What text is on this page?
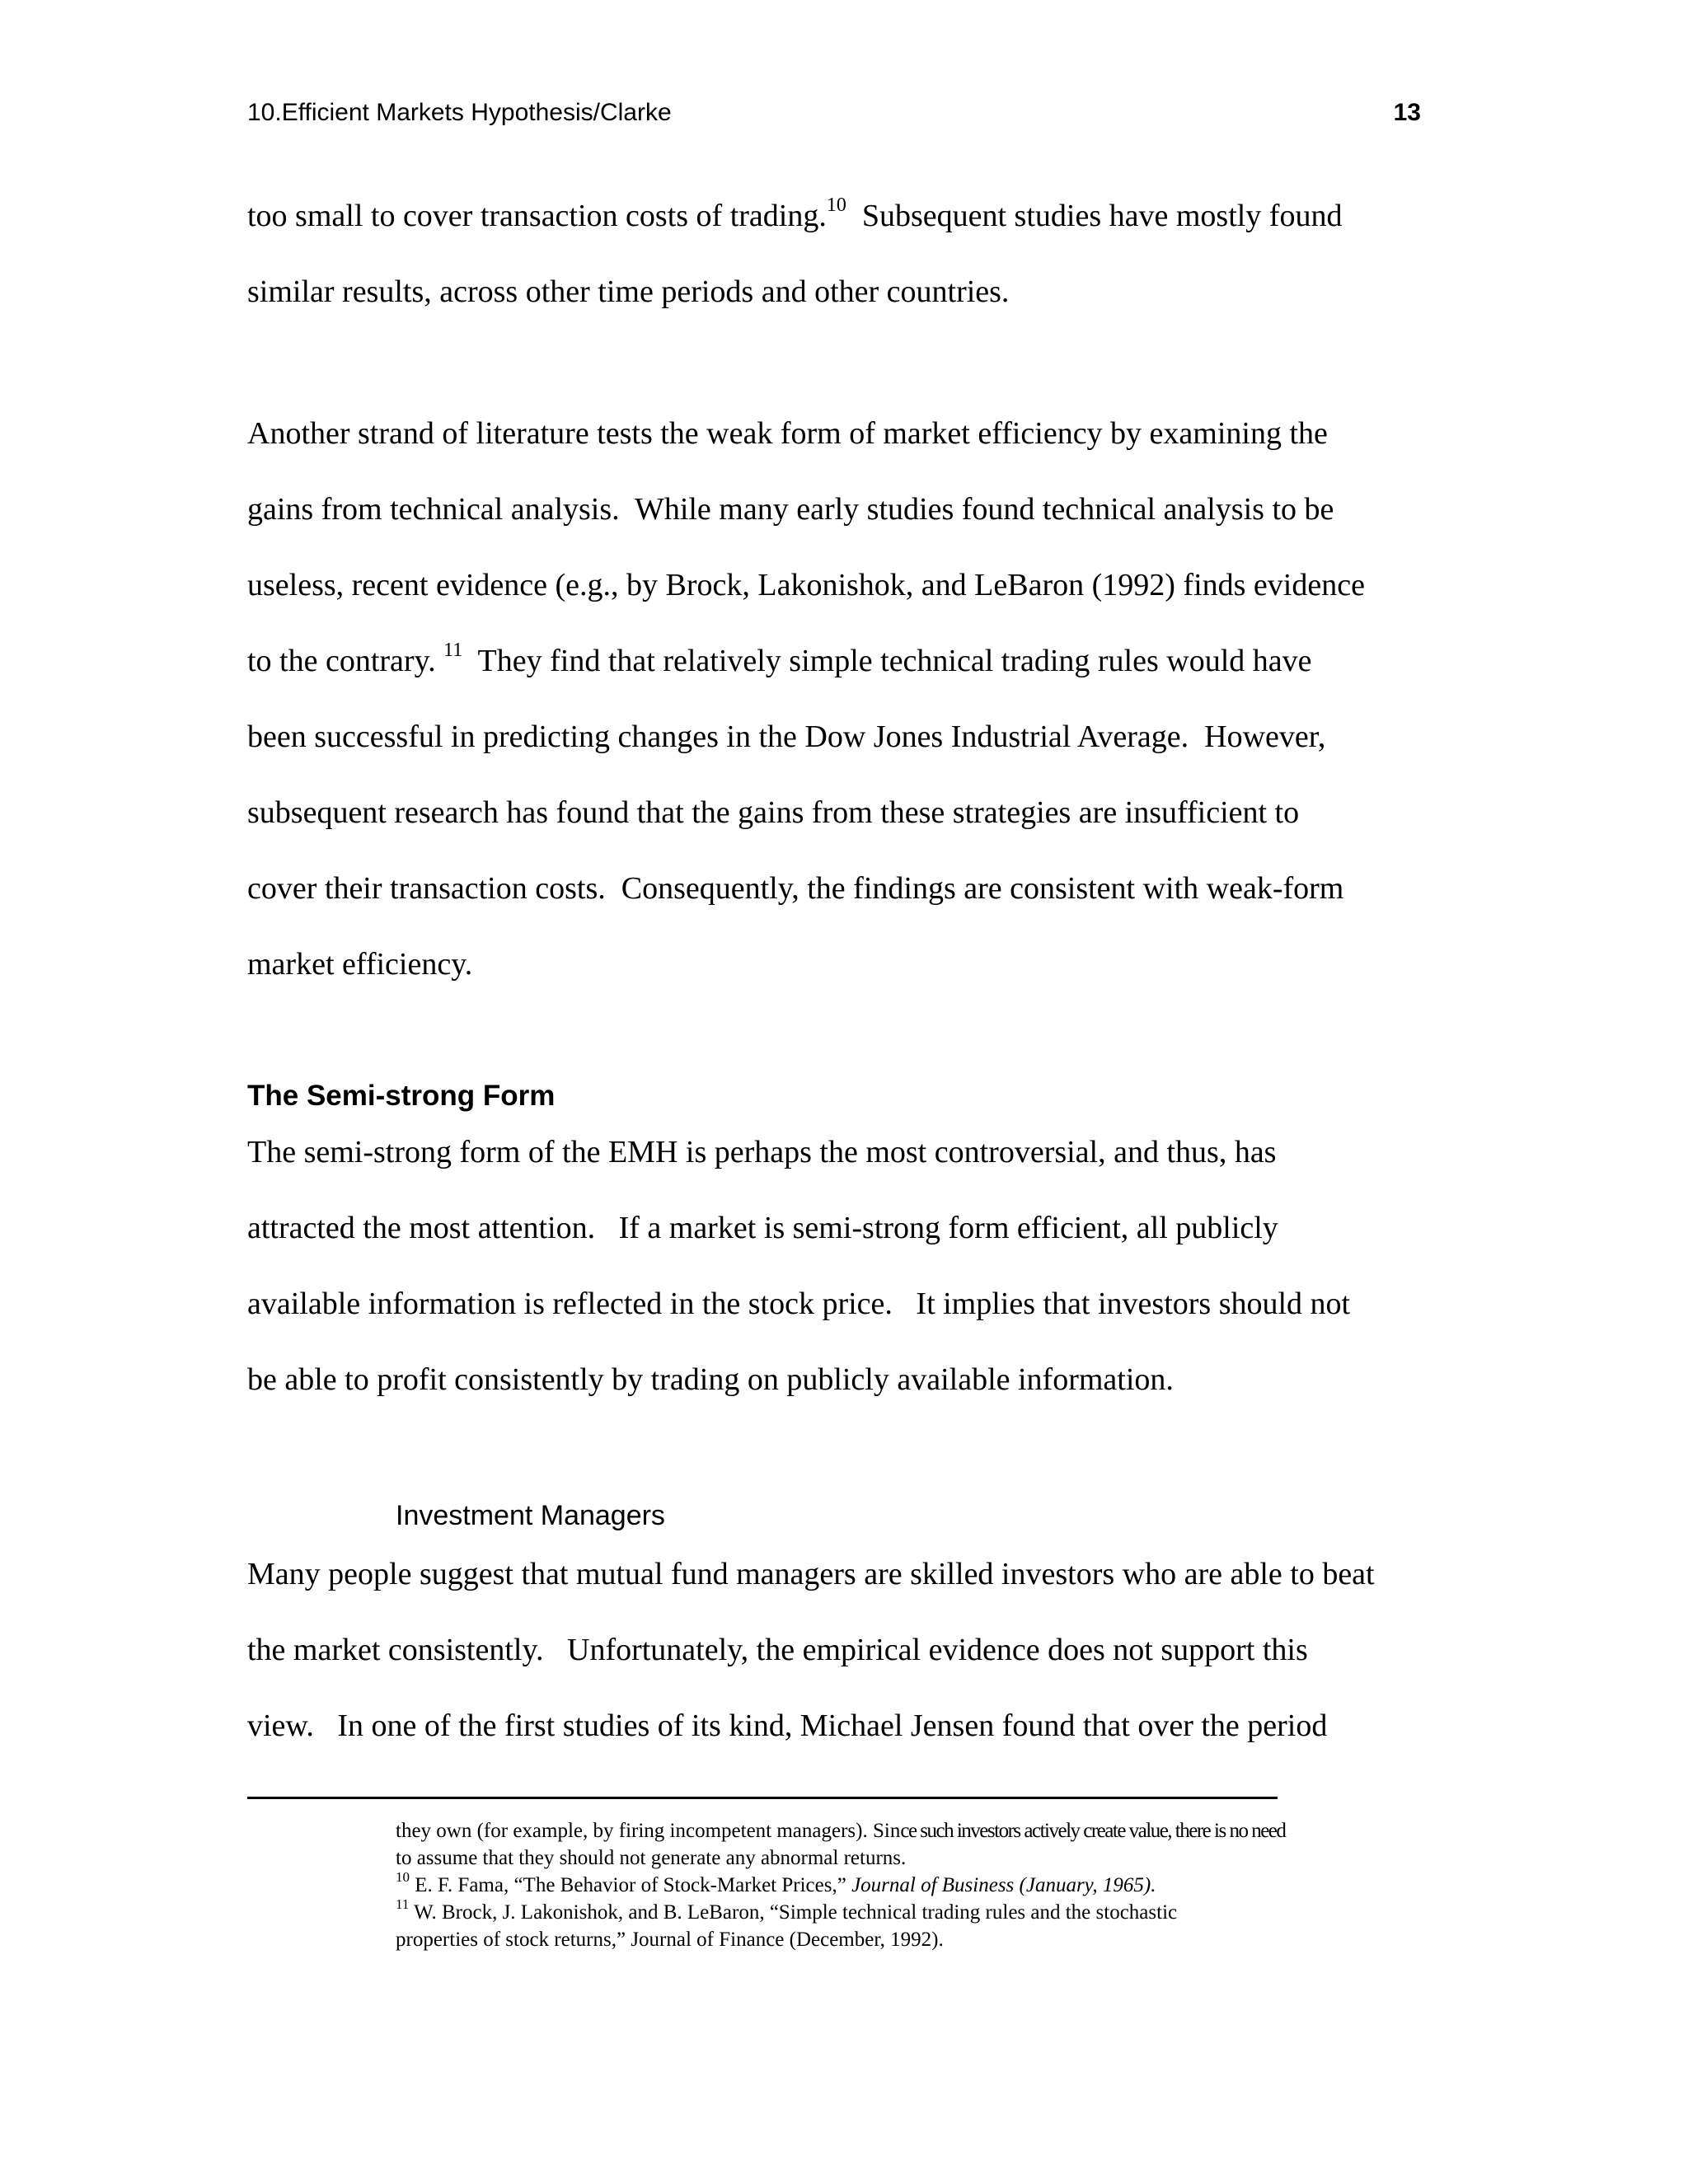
10.Efficient Markets Hypothesis/Clarke	13
too small to cover transaction costs of trading.$^{10}$  Subsequent studies have mostly found
similar results, across other time periods and other countries.
Another strand of literature tests the weak form of market efficiency by examining the
gains from technical analysis.  While many early studies found technical analysis to be
useless, recent evidence (e.g., by Brock, Lakonishok, and LeBaron (1992) finds evidence
to the contrary. $^{11}$  They find that relatively simple technical trading rules would have
been successful in predicting changes in the Dow Jones Industrial Average.  However,
subsequent research has found that the gains from these strategies are insufficient to
cover their transaction costs.  Consequently, the findings are consistent with weak-form
market efficiency.
The Semi-strong Form
The semi-strong form of the EMH is perhaps the most controversial, and thus, has
attracted the most attention.   If a market is semi-strong form efficient, all publicly
available information is reflected in the stock price.   It implies that investors should not
be able to profit consistently by trading on publicly available information.
Investment Managers
Many people suggest that mutual fund managers are skilled investors who are able to beat
the market consistently.   Unfortunately, the empirical evidence does not support this
view.   In one of the first studies of its kind, Michael Jensen found that over the period
they own (for example, by firing incompetent managers). Since such investors actively create value, there is no need
to assume that they should not generate any abnormal returns.
$^{10}$ E. F. Fama, “The Behavior of Stock-Market Prices,” Journal of Business (January, 1965).
$^{11}$ W. Brock, J. Lakonishok, and B. LeBaron, “Simple technical trading rules and the stochastic
properties of stock returns,” Journal of Finance (December, 1992).
